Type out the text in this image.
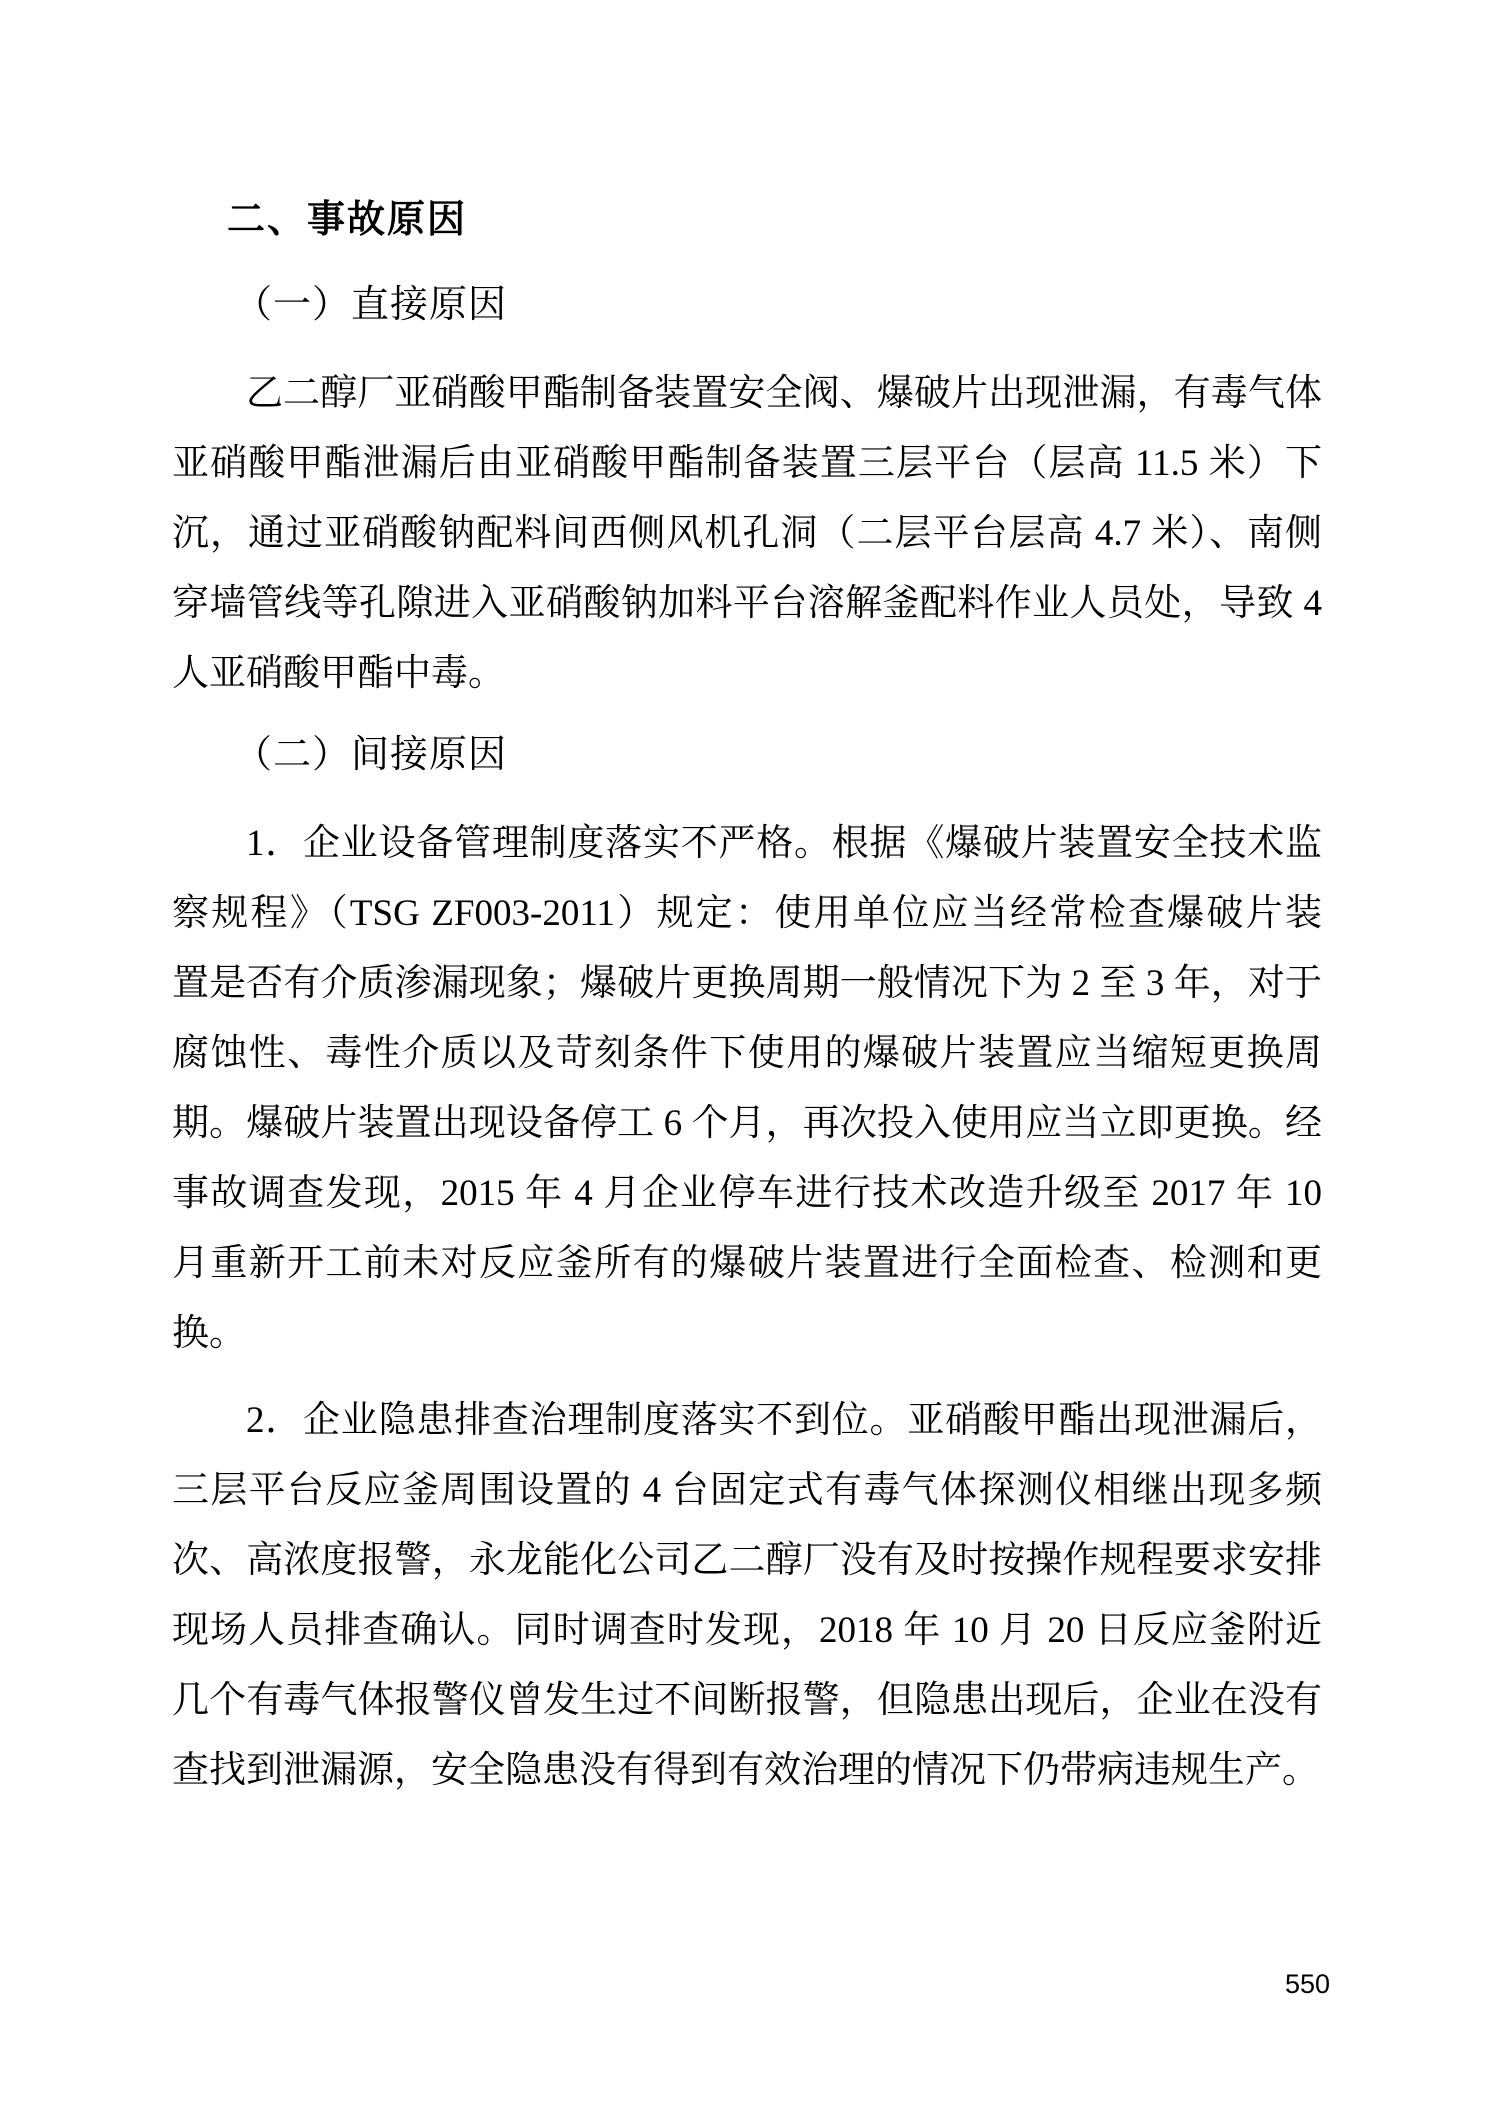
二、事故原因
（一）直接原因
乙二醇厂亚硝酸甲酯制备装置安全阀、爆破片出现泄漏，有毒气体
亚硝酸甲酯泄漏后由亚硝酸甲酯制备装置三层平台（层高 11.5 米）下
沉，通过亚硝酸钠配料间西侧风机孔洞（二层平台层高 4.7 米）、南侧
穿墙管线等孔隙进入亚硝酸钠加料平台溶解釜配料作业人员处，导致 4
人亚硝酸甲酯中毒。
（二）间接原因
1．企业设备管理制度落实不严格。根据《爆破片装置安全技术监
察规程》（TSG ZF003-2011）规定：使用单位应当经常检查爆破片装
置是否有介质渗漏现象；爆破片更换周期一般情况下为 2 至 3 年，对于
腐蚀性、毒性介质以及苛刻条件下使用的爆破片装置应当缩短更换周
期。爆破片装置出现设备停工 6 个月，再次投入使用应当立即更换。经
事故调查发现，2015 年 4 月企业停车进行技术改造升级至 2017 年 10
月重新开工前未对反应釜所有的爆破片装置进行全面检查、检测和更
换。
2．企业隐患排查治理制度落实不到位。亚硝酸甲酯出现泄漏后，
三层平台反应釜周围设置的 4 台固定式有毒气体探测仪相继出现多频
次、高浓度报警，永龙能化公司乙二醇厂没有及时按操作规程要求安排
现场人员排查确认。同时调查时发现，2018 年 10 月 20 日反应釜附近
几个有毒气体报警仪曾发生过不间断报警，但隐患出现后，企业在没有
查找到泄漏源，安全隐患没有得到有效治理的情况下仍带病违规生产。
550
